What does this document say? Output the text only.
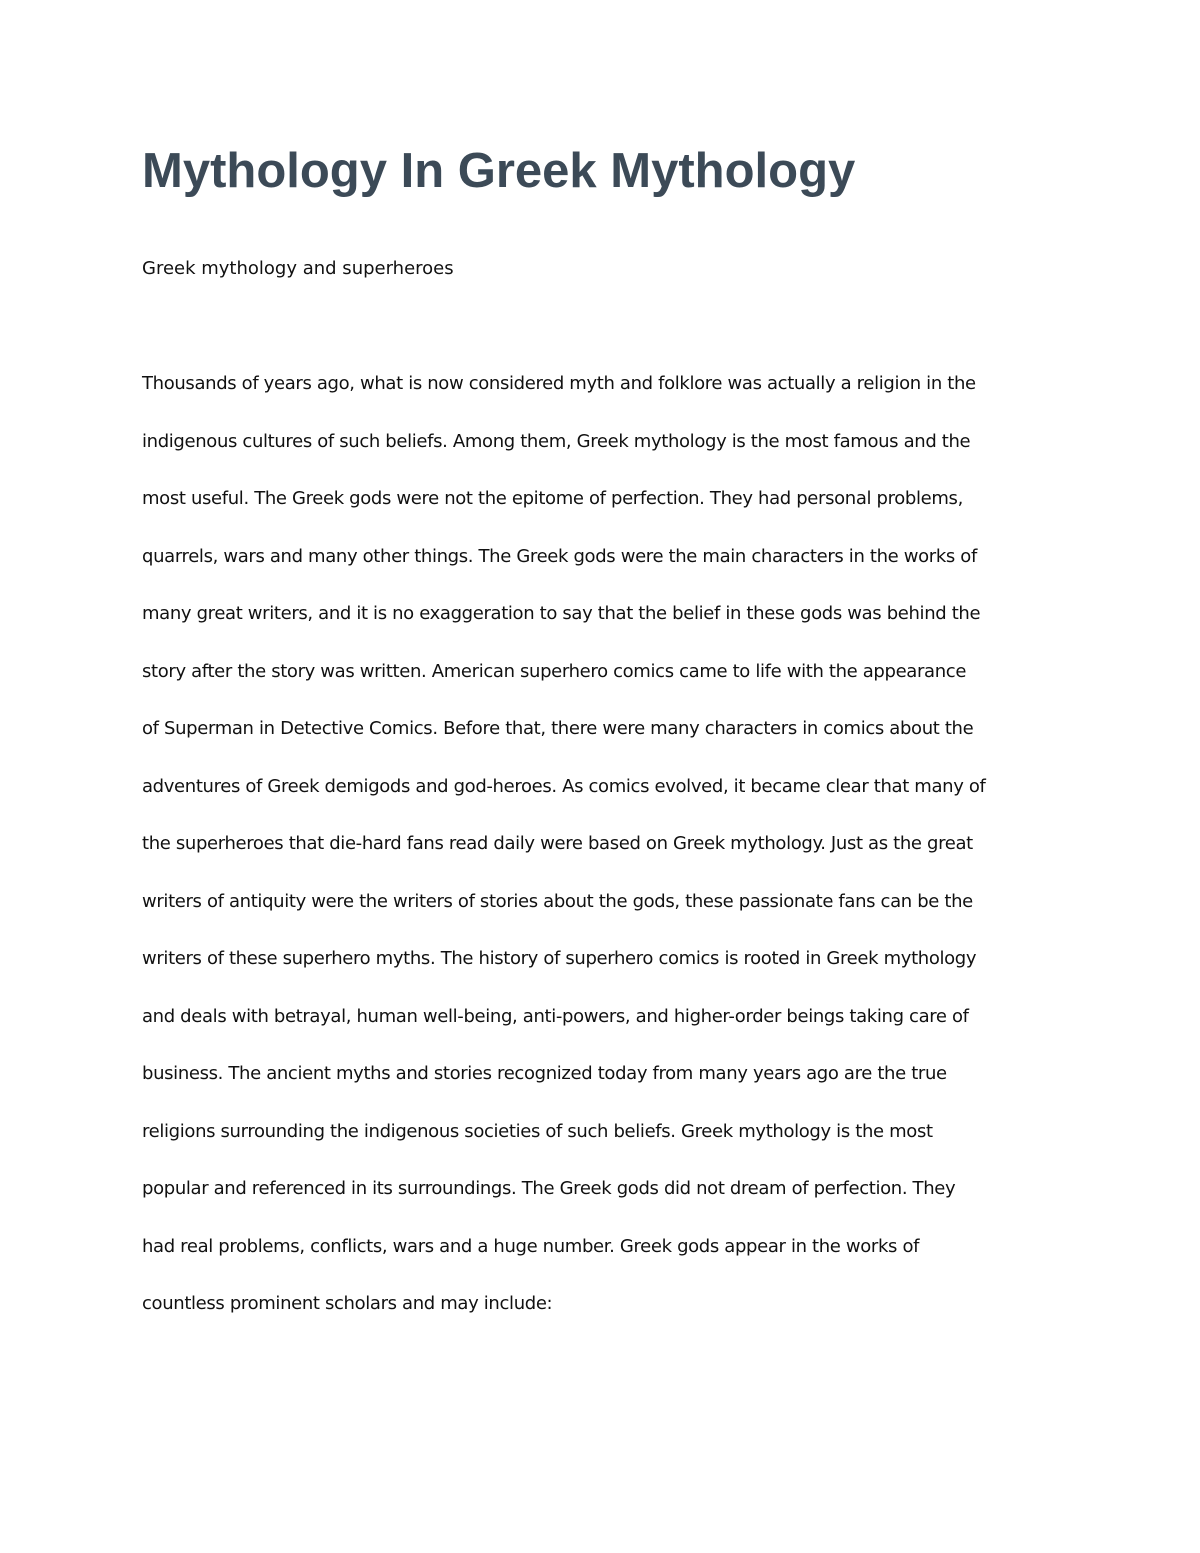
Mythology In Greek Mythology

Greek mythology and superheroes

Thousands of years ago, what is now considered myth and folklore was actually a religion in the
indigenous cultures of such beliefs. Among them, Greek mythology is the most famous and the
most useful. The Greek gods were not the epitome of perfection. They had personal problems,
quarrels, wars and many other things. The Greek gods were the main characters in the works of
many great writers, and it is no exaggeration to say that the belief in these gods was behind the
story after the story was written. American superhero comics came to life with the appearance
of Superman in Detective Comics. Before that, there were many characters in comics about the
adventures of Greek demigods and god-heroes. As comics evolved, it became clear that many of
the superheroes that die-hard fans read daily were based on Greek mythology. Just as the great
writers of antiquity were the writers of stories about the gods, these passionate fans can be the
writers of these superhero myths. The history of superhero comics is rooted in Greek mythology
and deals with betrayal, human well-being, anti-powers, and higher-order beings taking care of
business. The ancient myths and stories recognized today from many years ago are the true
religions surrounding the indigenous societies of such beliefs. Greek mythology is the most
popular and referenced in its surroundings. The Greek gods did not dream of perfection. They
had real problems, conflicts, wars and a huge number. Greek gods appear in the works of
countless prominent scholars and may include:
